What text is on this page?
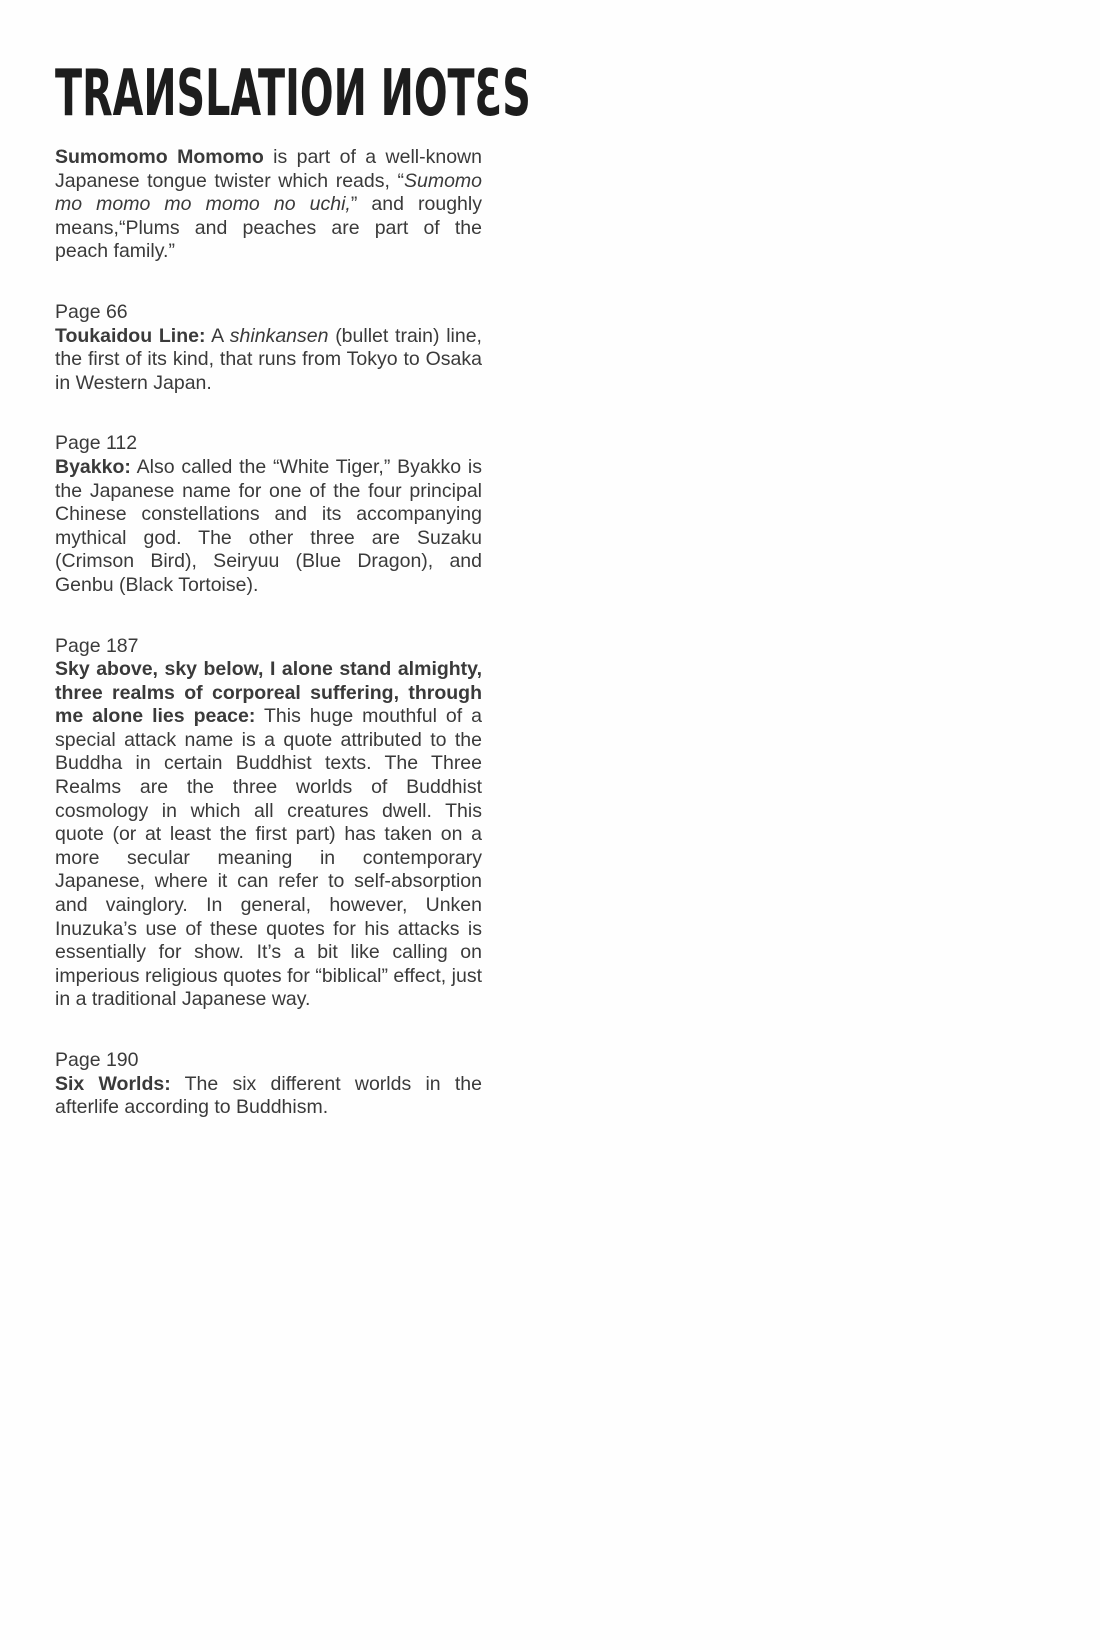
TRAИSLATIOИ ИOTƐS

Sumomomo Momomo is part of a well-known Japanese tongue twister which reads, “Sumomo mo momo mo momo no uchi,” and roughly means,“Plums and peaches are part of the peach family.”

Page 66

Toukaidou Line: A shinkansen (bullet train) line, the first of its kind, that runs from Tokyo to Osaka in Western Japan.

Page 112

Byakko: Also called the “White Tiger,” Byakko is the Japanese name for one of the four principal Chinese constellations and its accompanying mythical god. The other three are Suzaku (Crimson Bird), Seiryuu (Blue Dragon), and Genbu (Black Tortoise).

Page 187

Sky above, sky below, I alone stand almighty, three realms of corporeal suffering, through me alone lies peace: This huge mouthful of a special attack name is a quote attributed to the Buddha in certain Buddhist texts. The Three Realms are the three worlds of Buddhist cosmology in which all creatures dwell. This quote (or at least the first part) has taken on a more secular meaning in contemporary Japanese, where it can refer to self-absorption and vainglory. In general, however, Unken Inuzuka’s use of these quotes for his attacks is essentially for show. It’s a bit like calling on imperious religious quotes for “biblical” effect, just in a traditional Japanese way.

Page 190

Six Worlds: The six different worlds in the afterlife according to Buddhism.
